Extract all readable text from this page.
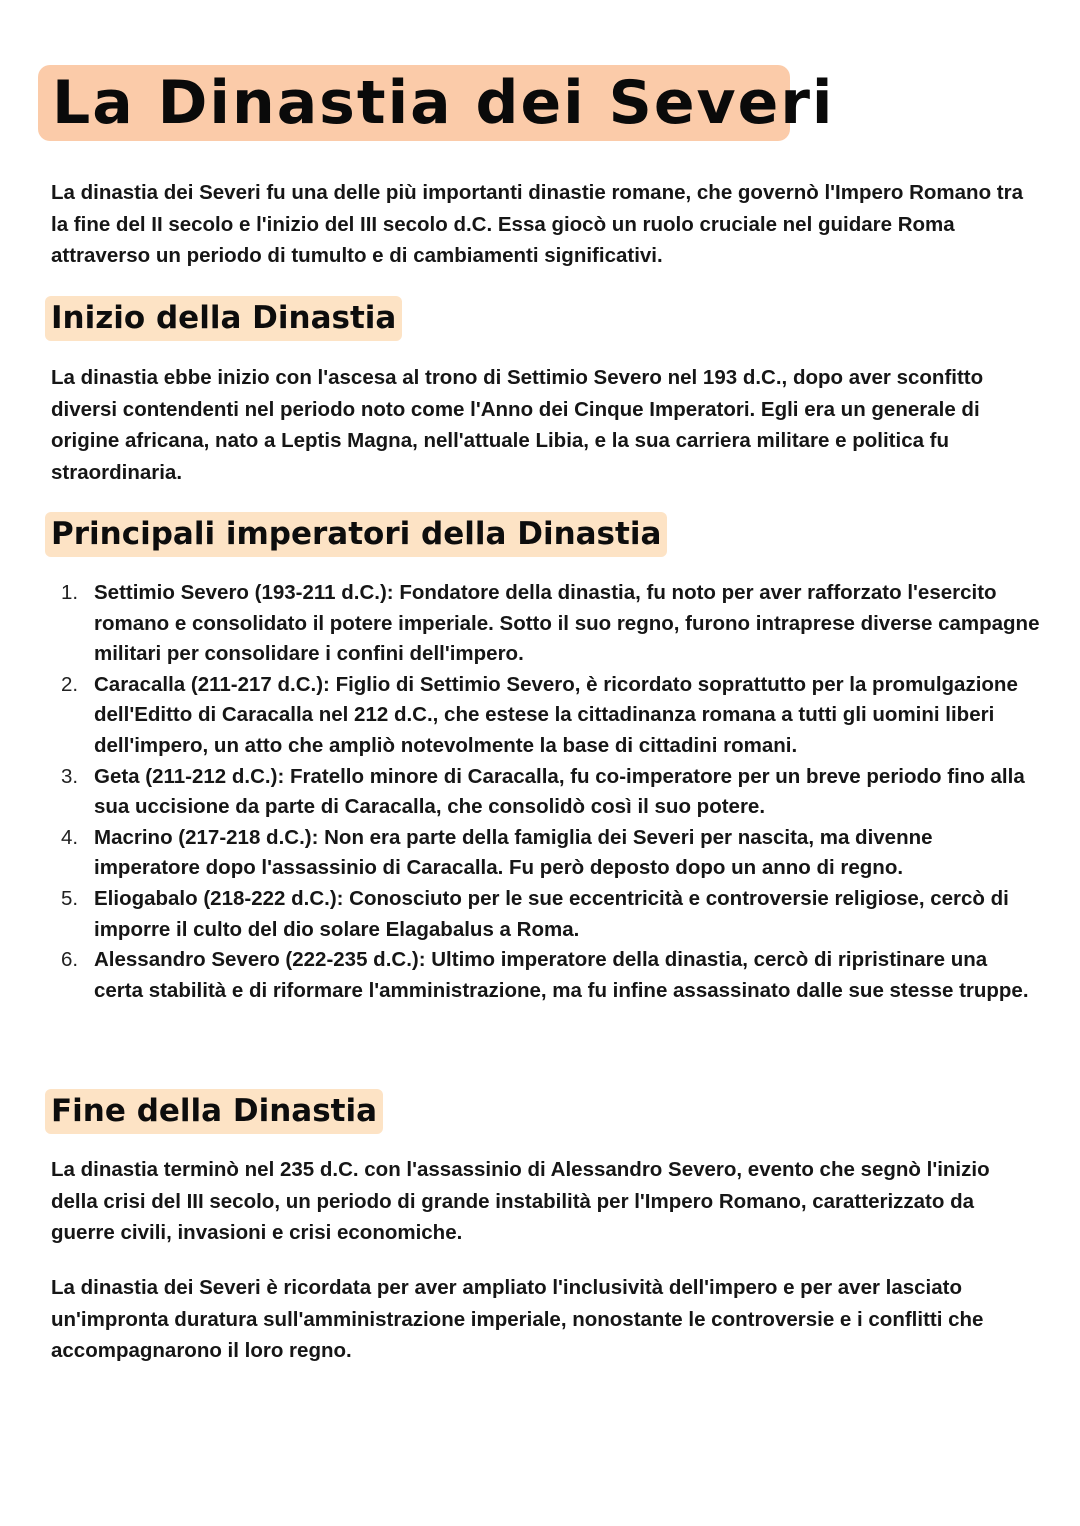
La Dinastia dei Severi

La dinastia dei Severi fu una delle più importanti dinastie romane, che governò l'Impero Romano tra la fine del II secolo e l'inizio del III secolo d.C. Essa giocò un ruolo cruciale nel guidare Roma attraverso un periodo di tumulto e di cambiamenti significativi.

Inizio della Dinastia

La dinastia ebbe inizio con l'ascesa al trono di Settimio Severo nel 193 d.C., dopo aver sconfitto diversi contendenti nel periodo noto come l'Anno dei Cinque Imperatori. Egli era un generale di origine africana, nato a Leptis Magna, nell'attuale Libia, e la sua carriera militare e politica fu straordinaria.

Principali imperatori della Dinastia
1. Settimio Severo (193-211 d.C.): Fondatore della dinastia, fu noto per aver rafforzato l'esercito romano e consolidato il potere imperiale. Sotto il suo regno, furono intraprese diverse campagne militari per consolidare i confini dell'impero.
2. Caracalla (211-217 d.C.): Figlio di Settimio Severo, è ricordato soprattutto per la promulgazione dell'Editto di Caracalla nel 212 d.C., che estese la cittadinanza romana a tutti gli uomini liberi dell'impero, un atto che ampliò notevolmente la base di cittadini romani.
3. Geta (211-212 d.C.): Fratello minore di Caracalla, fu co-imperatore per un breve periodo fino alla sua uccisione da parte di Caracalla, che consolidò così il suo potere.
4. Macrino (217-218 d.C.): Non era parte della famiglia dei Severi per nascita, ma divenne imperatore dopo l'assassinio di Caracalla. Fu però deposto dopo un anno di regno.
5. Eliogabalo (218-222 d.C.): Conosciuto per le sue eccentricità e controversie religiose, cercò di imporre il culto del dio solare Elagabalus a Roma.
6. Alessandro Severo (222-235 d.C.): Ultimo imperatore della dinastia, cercò di ripristinare una certa stabilità e di riformare l'amministrazione, ma fu infine assassinato dalle sue stesse truppe.
Fine della Dinastia

La dinastia terminò nel 235 d.C. con l'assassinio di Alessandro Severo, evento che segnò l'inizio della crisi del III secolo, un periodo di grande instabilità per l'Impero Romano, caratterizzato da guerre civili, invasioni e crisi economiche.

La dinastia dei Severi è ricordata per aver ampliato l'inclusività dell'impero e per aver lasciato un'impronta duratura sull'amministrazione imperiale, nonostante le controversie e i conflitti che accompagnarono il loro regno.
